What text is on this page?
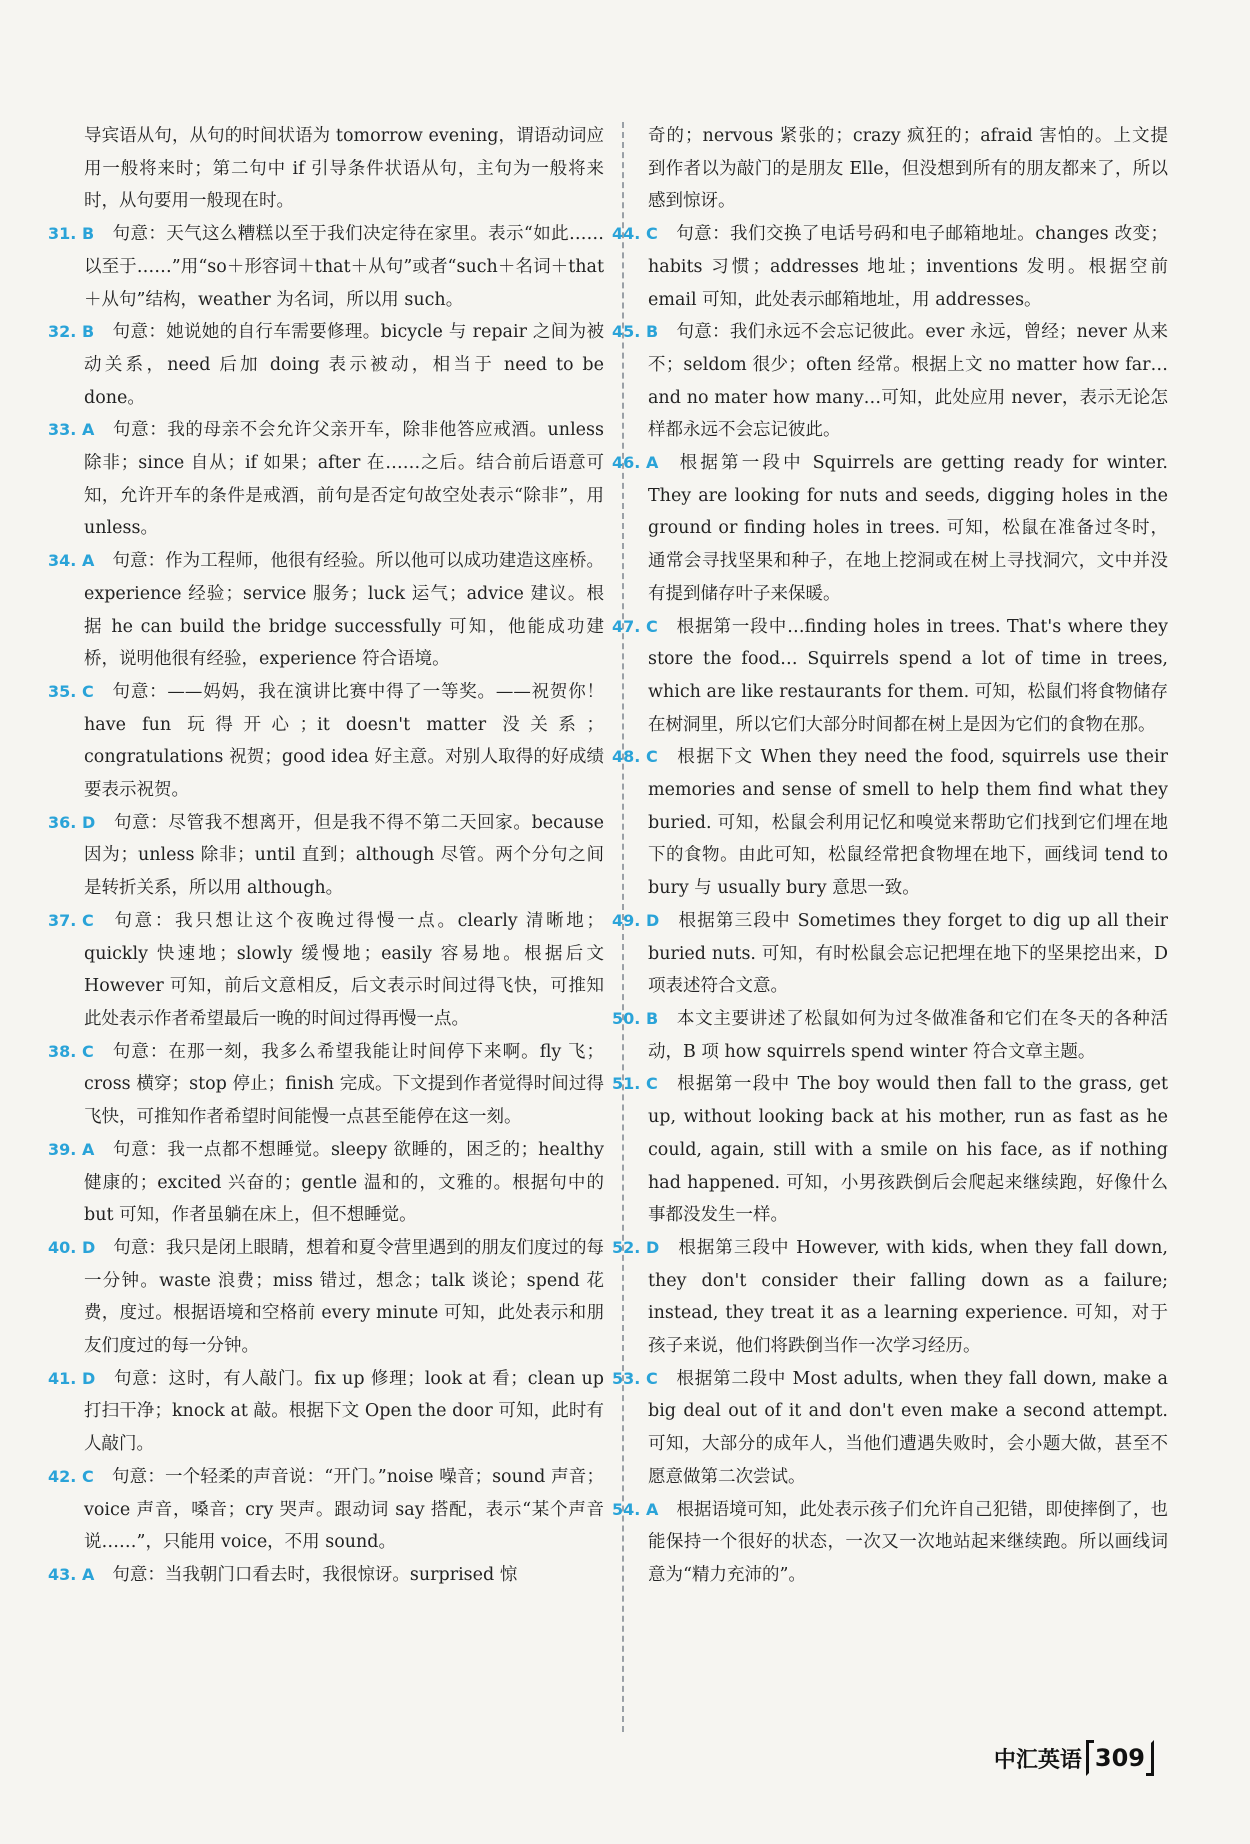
导宾语从句，从句的时间状语为 tomorrow evening，谓语动词应用一般将来时；第二句中 if 引导条件状语从句，主句为一般将来时，从句要用一般现在时。

31. B 句意：天气这么糟糕以至于我们决定待在家里。表示“如此……以至于……”用“so＋形容词＋that＋从句”或者“such＋名词＋that＋从句”结构，weather 为名词，所以用 such。

32. B 句意：她说她的自行车需要修理。bicycle 与 repair 之间为被动关系，need 后加 doing 表示被动，相当于 need to be done。

33. A 句意：我的母亲不会允许父亲开车，除非他答应戒酒。unless 除非；since 自从；if 如果；after 在……之后。结合前后语意可知，允许开车的条件是戒酒，前句是否定句故空处表示“除非”，用 unless。

34. A 句意：作为工程师，他很有经验。所以他可以成功建造这座桥。experience 经验；service 服务；luck 运气；advice 建议。根据 he can build the bridge successfully 可知，他能成功建桥，说明他很有经验，experience 符合语境。

35. C 句意：——妈妈，我在演讲比赛中得了一等奖。——祝贺你！have fun 玩得开心；it doesn't matter 没关系；congratulations 祝贺；good idea 好主意。对别人取得的好成绩要表示祝贺。

36. D 句意：尽管我不想离开，但是我不得不第二天回家。because 因为；unless 除非；until 直到；although 尽管。两个分句之间是转折关系，所以用 although。

37. C 句意：我只想让这个夜晚过得慢一点。clearly 清晰地；quickly 快速地；slowly 缓慢地；easily 容易地。根据后文 However 可知，前后文意相反，后文表示时间过得飞快，可推知此处表示作者希望最后一晚的时间过得再慢一点。

38. C 句意：在那一刻，我多么希望我能让时间停下来啊。fly 飞；cross 横穿；stop 停止；finish 完成。下文提到作者觉得时间过得飞快，可推知作者希望时间能慢一点甚至能停在这一刻。

39. A 句意：我一点都不想睡觉。sleepy 欲睡的，困乏的；healthy 健康的；excited 兴奋的；gentle 温和的，文雅的。根据句中的 but 可知，作者虽躺在床上，但不想睡觉。

40. D 句意：我只是闭上眼睛，想着和夏令营里遇到的朋友们度过的每一分钟。waste 浪费；miss 错过，想念；talk 谈论；spend 花费，度过。根据语境和空格前 every minute 可知，此处表示和朋友们度过的每一分钟。

41. D 句意：这时，有人敲门。fix up 修理；look at 看；clean up 打扫干净；knock at 敲。根据下文 Open the door 可知，此时有人敲门。

42. C 句意：一个轻柔的声音说：“开门。”noise 噪音；sound 声音；voice 声音，嗓音；cry 哭声。跟动词 say 搭配，表示“某个声音说……”，只能用 voice，不用 sound。

43. A 句意：当我朝门口看去时，我很惊讶。surprised 惊

奇的；nervous 紧张的；crazy 疯狂的；afraid 害怕的。上文提到作者以为敲门的是朋友 Elle，但没想到所有的朋友都来了，所以感到惊讶。

44. C 句意：我们交换了电话号码和电子邮箱地址。changes 改变；habits 习惯；addresses 地址；inventions 发明。根据空前 email 可知，此处表示邮箱地址，用 addresses。

45. B 句意：我们永远不会忘记彼此。ever 永远，曾经；never 从来不；seldom 很少；often 经常。根据上文 no matter how far…and no mater how many…可知，此处应用 never，表示无论怎样都永远不会忘记彼此。

46. A 根据第一段中 Squirrels are getting ready for winter. They are looking for nuts and seeds, digging holes in the ground or finding holes in trees. 可知，松鼠在准备过冬时，通常会寻找坚果和种子，在地上挖洞或在树上寻找洞穴，文中并没有提到储存叶子来保暖。

47. C 根据第一段中…finding holes in trees. That's where they store the food… Squirrels spend a lot of time in trees, which are like restaurants for them. 可知，松鼠们将食物储存在树洞里，所以它们大部分时间都在树上是因为它们的食物在那。

48. C 根据下文 When they need the food, squirrels use their memories and sense of smell to help them find what they buried. 可知，松鼠会利用记忆和嗅觉来帮助它们找到它们埋在地下的食物。由此可知，松鼠经常把食物埋在地下，画线词 tend to bury 与 usually bury 意思一致。

49. D 根据第三段中 Sometimes they forget to dig up all their buried nuts. 可知，有时松鼠会忘记把埋在地下的坚果挖出来，D 项表述符合文意。

50. B 本文主要讲述了松鼠如何为过冬做准备和它们在冬天的各种活动，B 项 how squirrels spend winter 符合文章主题。

51. C 根据第一段中 The boy would then fall to the grass, get up, without looking back at his mother, run as fast as he could, again, still with a smile on his face, as if nothing had happened. 可知，小男孩跌倒后会爬起来继续跑，好像什么事都没发生一样。

52. D 根据第三段中 However, with kids, when they fall down, they don't consider their falling down as a failure; instead, they treat it as a learning experience. 可知，对于孩子来说，他们将跌倒当作一次学习经历。

53. C 根据第二段中 Most adults, when they fall down, make a big deal out of it and don't even make a second attempt. 可知，大部分的成年人，当他们遭遇失败时，会小题大做，甚至不愿意做第二次尝试。

54. A 根据语境可知，此处表示孩子们允许自己犯错，即使摔倒了，也能保持一个很好的状态，一次又一次地站起来继续跑。所以画线词意为“精力充沛的”。

中汇英语 309
